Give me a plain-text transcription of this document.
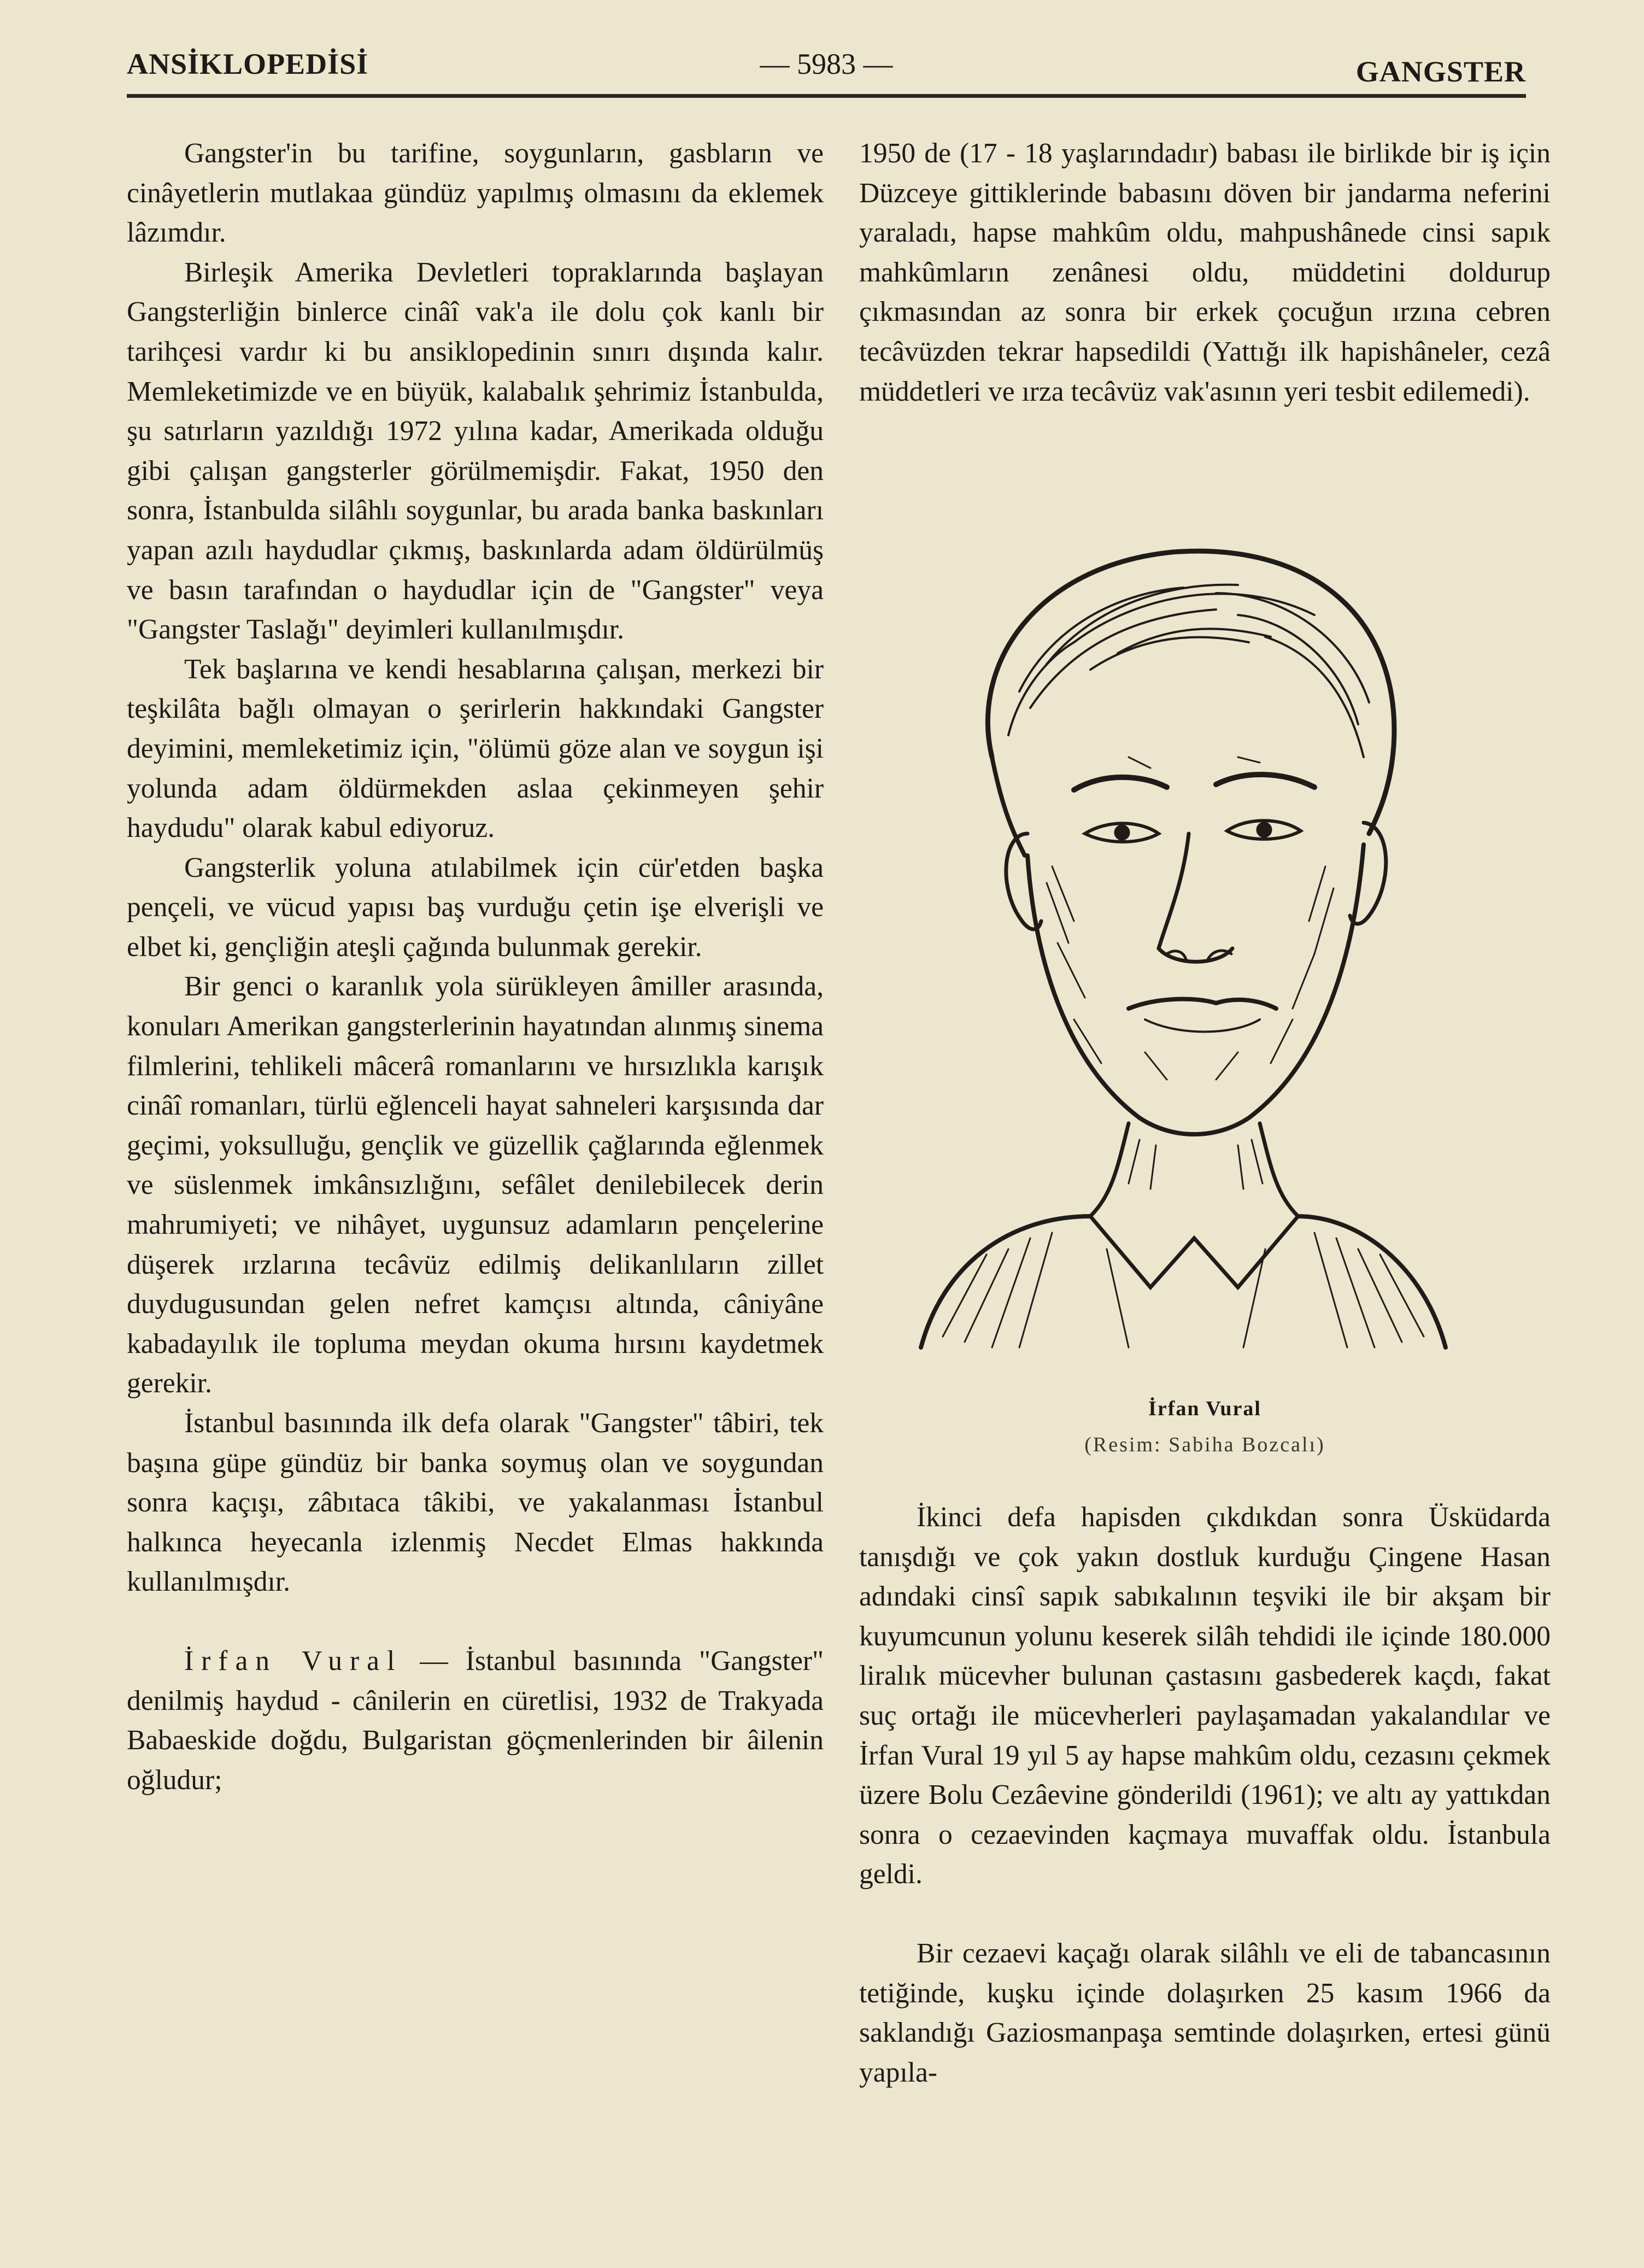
ANSİKLOPEDİSİ	— 5983 —	GANGSTER

Gangster'in bu tarifine, soygunların, gasbların ve cinâyetlerin mutlakaa gündüz yapılmış olmasını da eklemek lâzımdır.

Birleşik Amerika Devletleri topraklarında başlayan Gangsterliğin binlerce cinâî vak'a ile dolu çok kanlı bir tarihçesi vardır ki bu ansiklopedinin sınırı dışında kalır. Memleketimizde ve en büyük, kalabalık şehrimiz İstanbulda, şu satırların yazıldığı 1972 yılına kadar, Amerikada olduğu gibi çalışan gangsterler görülmemişdir. Fakat, 1950 den sonra, İstanbulda silâhlı soygunlar, bu arada banka baskınları yapan azılı haydudlar çıkmış, baskınlarda adam öldürülmüş ve basın tarafından o haydudlar için de "Gangster" veya "Gangster Taslağı" deyimleri kullanılmışdır.

Tek başlarına ve kendi hesablarına çalışan, merkezi bir teşkilâta bağlı olmayan o şerirlerin hakkındaki Gangster deyimini, memleketimiz için, "ölümü göze alan ve soygun işi yolunda adam öldürmekden aslaa çekinmeyen şehir haydudu" olarak kabul ediyoruz.

Gangsterlik yoluna atılabilmek için cür'etden başka pençeli, ve vücud yapısı baş vurduğu çetin işe elverişli ve elbet ki, gençliğin ateşli çağında bulunmak gerekir.

Bir genci o karanlık yola sürükleyen âmiller arasında, konuları Amerikan gangsterlerinin hayatından alınmış sinema filmlerini, tehlikeli mâcerâ romanlarını ve hırsızlıkla karışık cinâî romanları, türlü eğlenceli hayat sahneleri karşısında dar geçimi, yoksulluğu, gençlik ve güzellik çağlarında eğlenmek ve süslenmek imkânsızlığını, sefâlet denilebilecek derin mahrumiyeti; ve nihâyet, uygunsuz adamların pençelerine düşerek ırzlarına tecâvüz edilmiş delikanlıların zillet duydugusundan gelen nefret kamçısı altında, câniyâne kabadayılık ile topluma meydan okuma hırsını kaydetmek gerekir.

İstanbul basınında ilk defa olarak "Gangster" tâbiri, tek başına güpe gündüz bir banka soymuş olan ve soygundan sonra kaçışı, zâbıtaca tâkibi, ve yakalanması İstanbul halkınca heyecanla izlenmiş Necdet Elmas hakkında kullanılmışdır.

İrfan Vural — İstanbul basınında "Gangster" denilmiş haydud - cânilerin en cüretlisi, 1932 de Trakyada Babaeskide doğdu, Bulgaristan göçmenlerinden bir âilenin oğludur;

1950 de (17 - 18 yaşlarındadır) babası ile birlikde bir iş için Düzceye gittiklerinde babasını döven bir jandarma neferini yaraladı, hapse mahkûm oldu, mahpushânede cinsi sapık mahkûmların zenânesi oldu, müddetini doldurup çıkmasından az sonra bir erkek çocuğun ırzına cebren tecâvüzden tekrar hapsedildi (Yattığı ilk hapishâneler, cezâ müddetleri ve ırza tecâvüz vak'asının yeri tesbit edilemedi).

İrfan Vural
(Resim: Sabiha Bozcalı)

İkinci defa hapisden çıkdıkdan sonra Üsküdarda tanışdığı ve çok yakın dostluk kurduğu Çingene Hasan adındaki cinsî sapık sabıkalının teşviki ile bir akşam bir kuyumcunun yolunu keserek silâh tehdidi ile içinde 180.000 liralık mücevher bulunan çastasını gasbederek kaçdı, fakat suç ortağı ile mücevherleri paylaşamadan yakalandılar ve İrfan Vural 19 yıl 5 ay hapse mahkûm oldu, cezasını çekmek üzere Bolu Cezâevine gönderildi (1961); ve altı ay yattıkdan sonra o cezaevinden kaçmaya muvaffak oldu. İstanbula geldi.

Bir cezaevi kaçağı olarak silâhlı ve eli de tabancasının tetiğinde, kuşku içinde dolaşırken 25 kasım 1966 da saklandığı Gaziosmanpaşa semtinde dolaşırken, ertesi günü yapıla-
